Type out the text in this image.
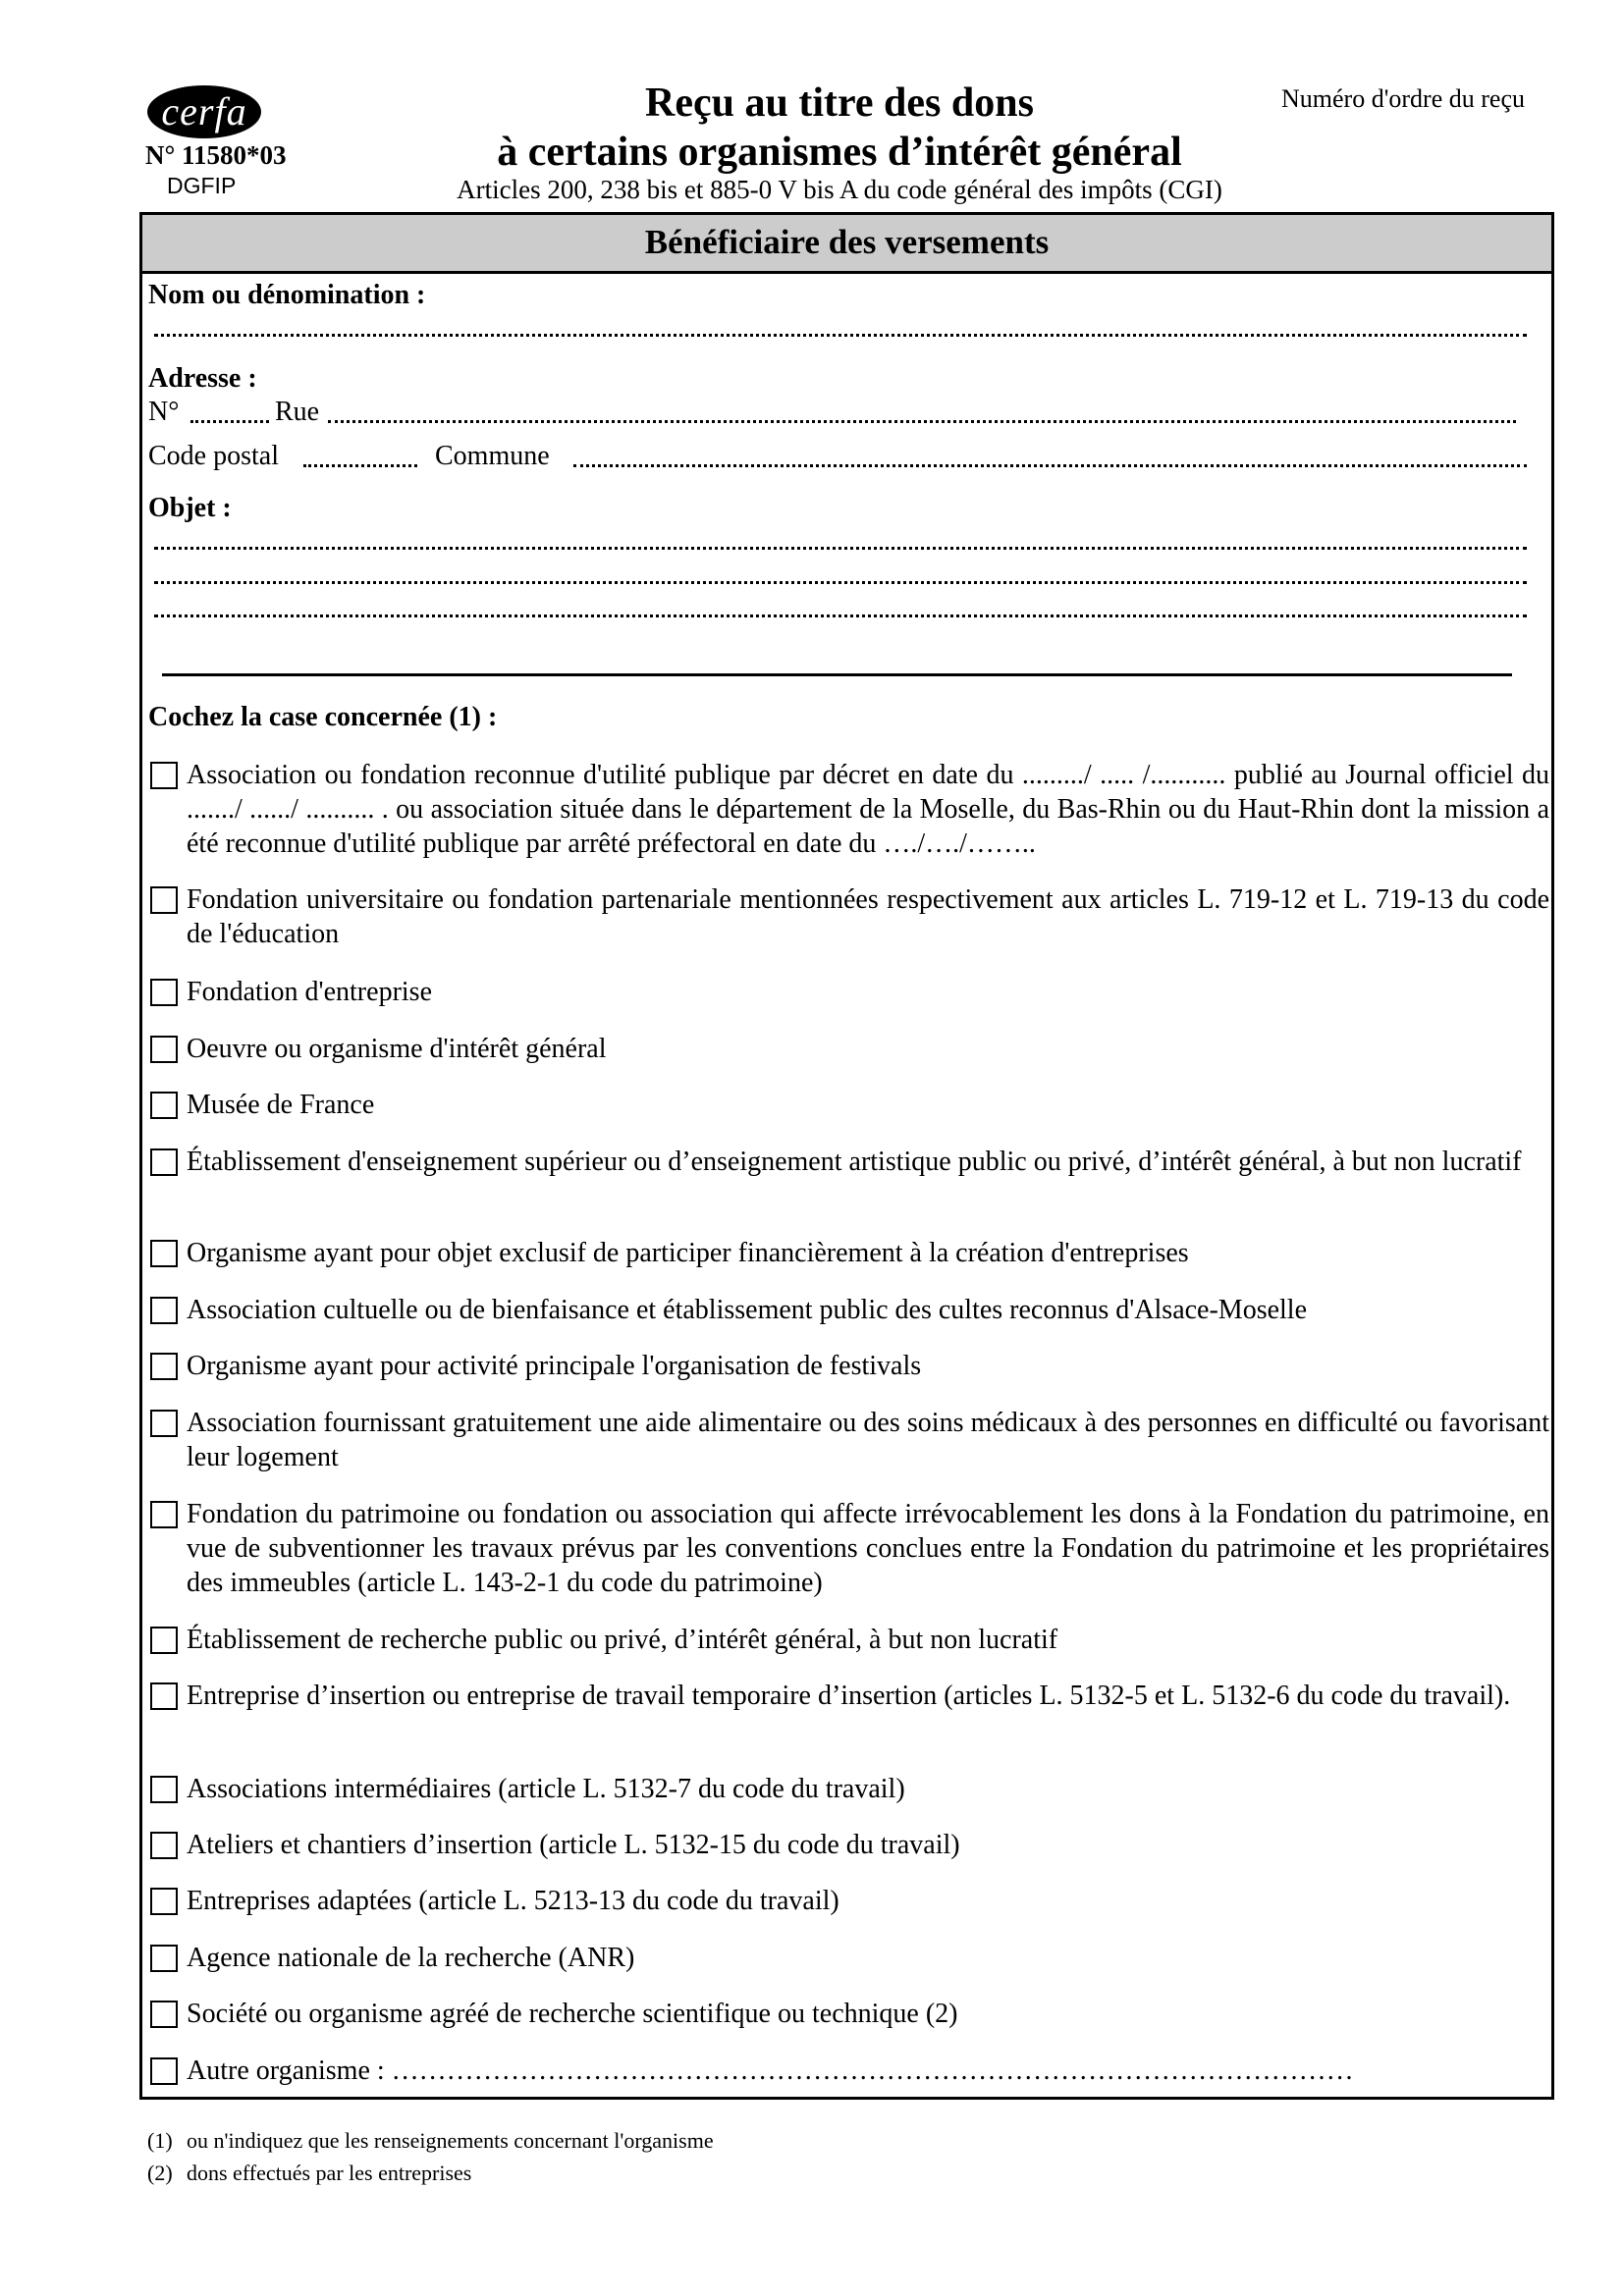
cerfa
N° 11580*03
DGFIP
Reçu au titre des dons
à certains organismes d’intérêt général
Articles 200, 238 bis et 885-0 V bis A du code général des impôts (CGI)
Numéro d'ordre du reçu
Bénéficiaire des versements
Nom ou dénomination :
Adresse :
N°	Rue
Code postal	Commune
Objet :
Cochez la case concernée (1) :
Association ou fondation reconnue d'utilité publique par décret en date du ........./ ..... /........... publié au Journal officiel du ......./ ....../ .......... . ou association située dans le département de la Moselle, du Bas-Rhin ou du Haut-Rhin dont la mission a été reconnue d'utilité publique par arrêté préfectoral en date du …./…./……..
Fondation universitaire ou fondation partenariale mentionnées respectivement aux articles L. 719-12 et L. 719-13 du code de l'éducation
Fondation d'entreprise
Oeuvre ou organisme d'intérêt général
Musée de France
Établissement d'enseignement supérieur ou d’enseignement artistique public ou privé, d’intérêt général, à but non lucratif
Organisme ayant pour objet exclusif de participer financièrement à la création d'entreprises
Association cultuelle ou de bienfaisance et établissement public des cultes reconnus d'Alsace-Moselle
Organisme ayant pour activité principale l'organisation de festivals
Association fournissant gratuitement une aide alimentaire ou des soins médicaux à des personnes en difficulté ou favorisant leur logement
Fondation du patrimoine ou fondation ou association qui affecte irrévocablement les dons à la Fondation du patrimoine, en vue de subventionner les travaux prévus par les conventions conclues entre la Fondation du patrimoine et les propriétaires des immeubles (article L. 143-2-1 du code du patrimoine)
Établissement de recherche public ou privé, d’intérêt général, à but non lucratif
Entreprise d’insertion ou entreprise de travail temporaire d’insertion (articles L. 5132-5 et L. 5132-6 du code du travail).
Associations intermédiaires (article L. 5132-7 du code du travail)
Ateliers et chantiers d’insertion (article L. 5132-15 du code du travail)
Entreprises adaptées (article L. 5213-13 du code du travail)
Agence nationale de la recherche (ANR)
Société ou organisme agréé de recherche scientifique ou technique (2)
Autre organisme : ……………………………………………………………………………………………
(1) ou n'indiquez que les renseignements concernant l'organisme
(2) dons effectués par les entreprises
